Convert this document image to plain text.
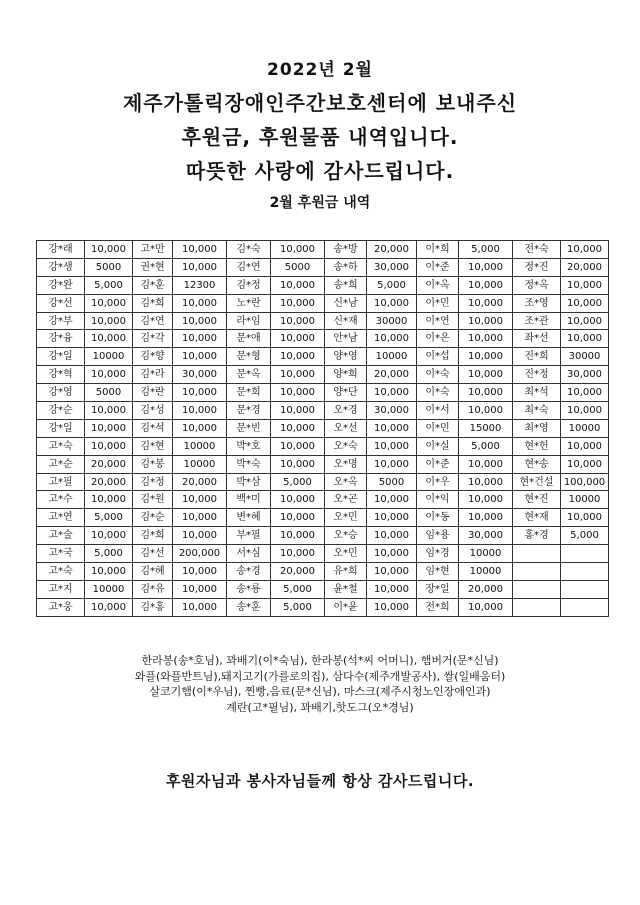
2022년 2월
제주가톨릭장애인주간보호센터에 보내주신
후원금, 후원물품 내역입니다.
따뜻한 사랑에 감사드립니다.
2월 후원금 내역
강*래	10,000	고*만	10,000	김*숙	10,000	송*방	20,000	이*희	5,000	전*숙	10,000
강*생	5000	권*현	10,000	김*연	5000	송*하	30,000	이*준	10,000	정*진	20,000
강*완	5,000	김*훈	12300	김*정	10,000	송*희	5,000	이*옥	10,000	정*옥	10,000
강*선	10,000	김*희	10,000	노*란	10,000	신*남	10,000	이*민	10,000	조*영	10,000
강*부	10,000	김*연	10,000	라*임	10,000	신*재	30000	이*연	10,000	조*관	10,000
강*융	10,000	김*각	10,000	문*애	10,000	안*남	10,000	이*은	10,000	좌*선	10,000
강*일	10000	김*향	10,000	문*형	10,000	양*영	10000	이*섭	10,000	진*희	30000
강*혁	10,000	김*라	30,000	문*옥	10,000	양*희	20,000	이*숙	10,000	진*정	30,000
강*영	5000	김*란	10,000	문*희	10,000	양*단	10,000	이*숙	10,000	최*석	10,000
강*순	10,000	김*성	10,000	문*경	10,000	오*경	30,000	이*서	10,000	최*숙	10,000
강*일	10,000	김*석	10,000	문*빈	10,000	오*선	10,000	이*민	15000	최*영	10000
고*숙	10,000	김*현	10000	박*호	10,000	오*숙	10,000	이*실	5,000	현*헌	10,000
고*순	20,000	김*봉	10000	박*숙	10,000	오*명	10,000	이*준	10,000	현*송	10,000
고*필	20,000	김*정	20,000	박*삼	5,000	오*옥	5000	이*우	10,000	현*건설	100,000
고*수	10,000	김*원	10,000	백*미	10,000	오*곤	10,000	이*익	10,000	현*진	10000
고*연	5,000	김*순	10,000	변*혜	10,000	오*민	10,000	이*동	10,000	현*재	10,000
고*술	10,000	김*희	10,000	부*필	10,000	오*승	10,000	임*용	30,000	홍*경	5,000
고*국	5,000	김*선	200,000	서*심	10,000	오*민	10,000	임*경	10000		
고*숙	10,000	김*혜	10,000	송*경	20,000	유*희	10,000	임*현	10000		
고*지	10000	김*유	10,000	송*룡	5,000	윤*철	10,000	장*일	20,000		
고*웅	10,000	김*홍	10,000	송*훈	5,000	이*윤	10,000	전*희	10,000		
한라봉(송*호님), 꽈배기(이*숙님), 한라봉(석*씨 어머니), 햄버거(문*신님)
와플(와플반트님),돼지고기(가를로의집), 삼다수(제주개발공사), 쌀(일배움터)
살코기햄(이*우님), 찐빵,음료(문*신님), 마스크(제주시청노인장애인과)
계란(고*필님), 꽈배기,핫도그(오*경님)
후원자님과 봉사자님들께 항상 감사드립니다.
